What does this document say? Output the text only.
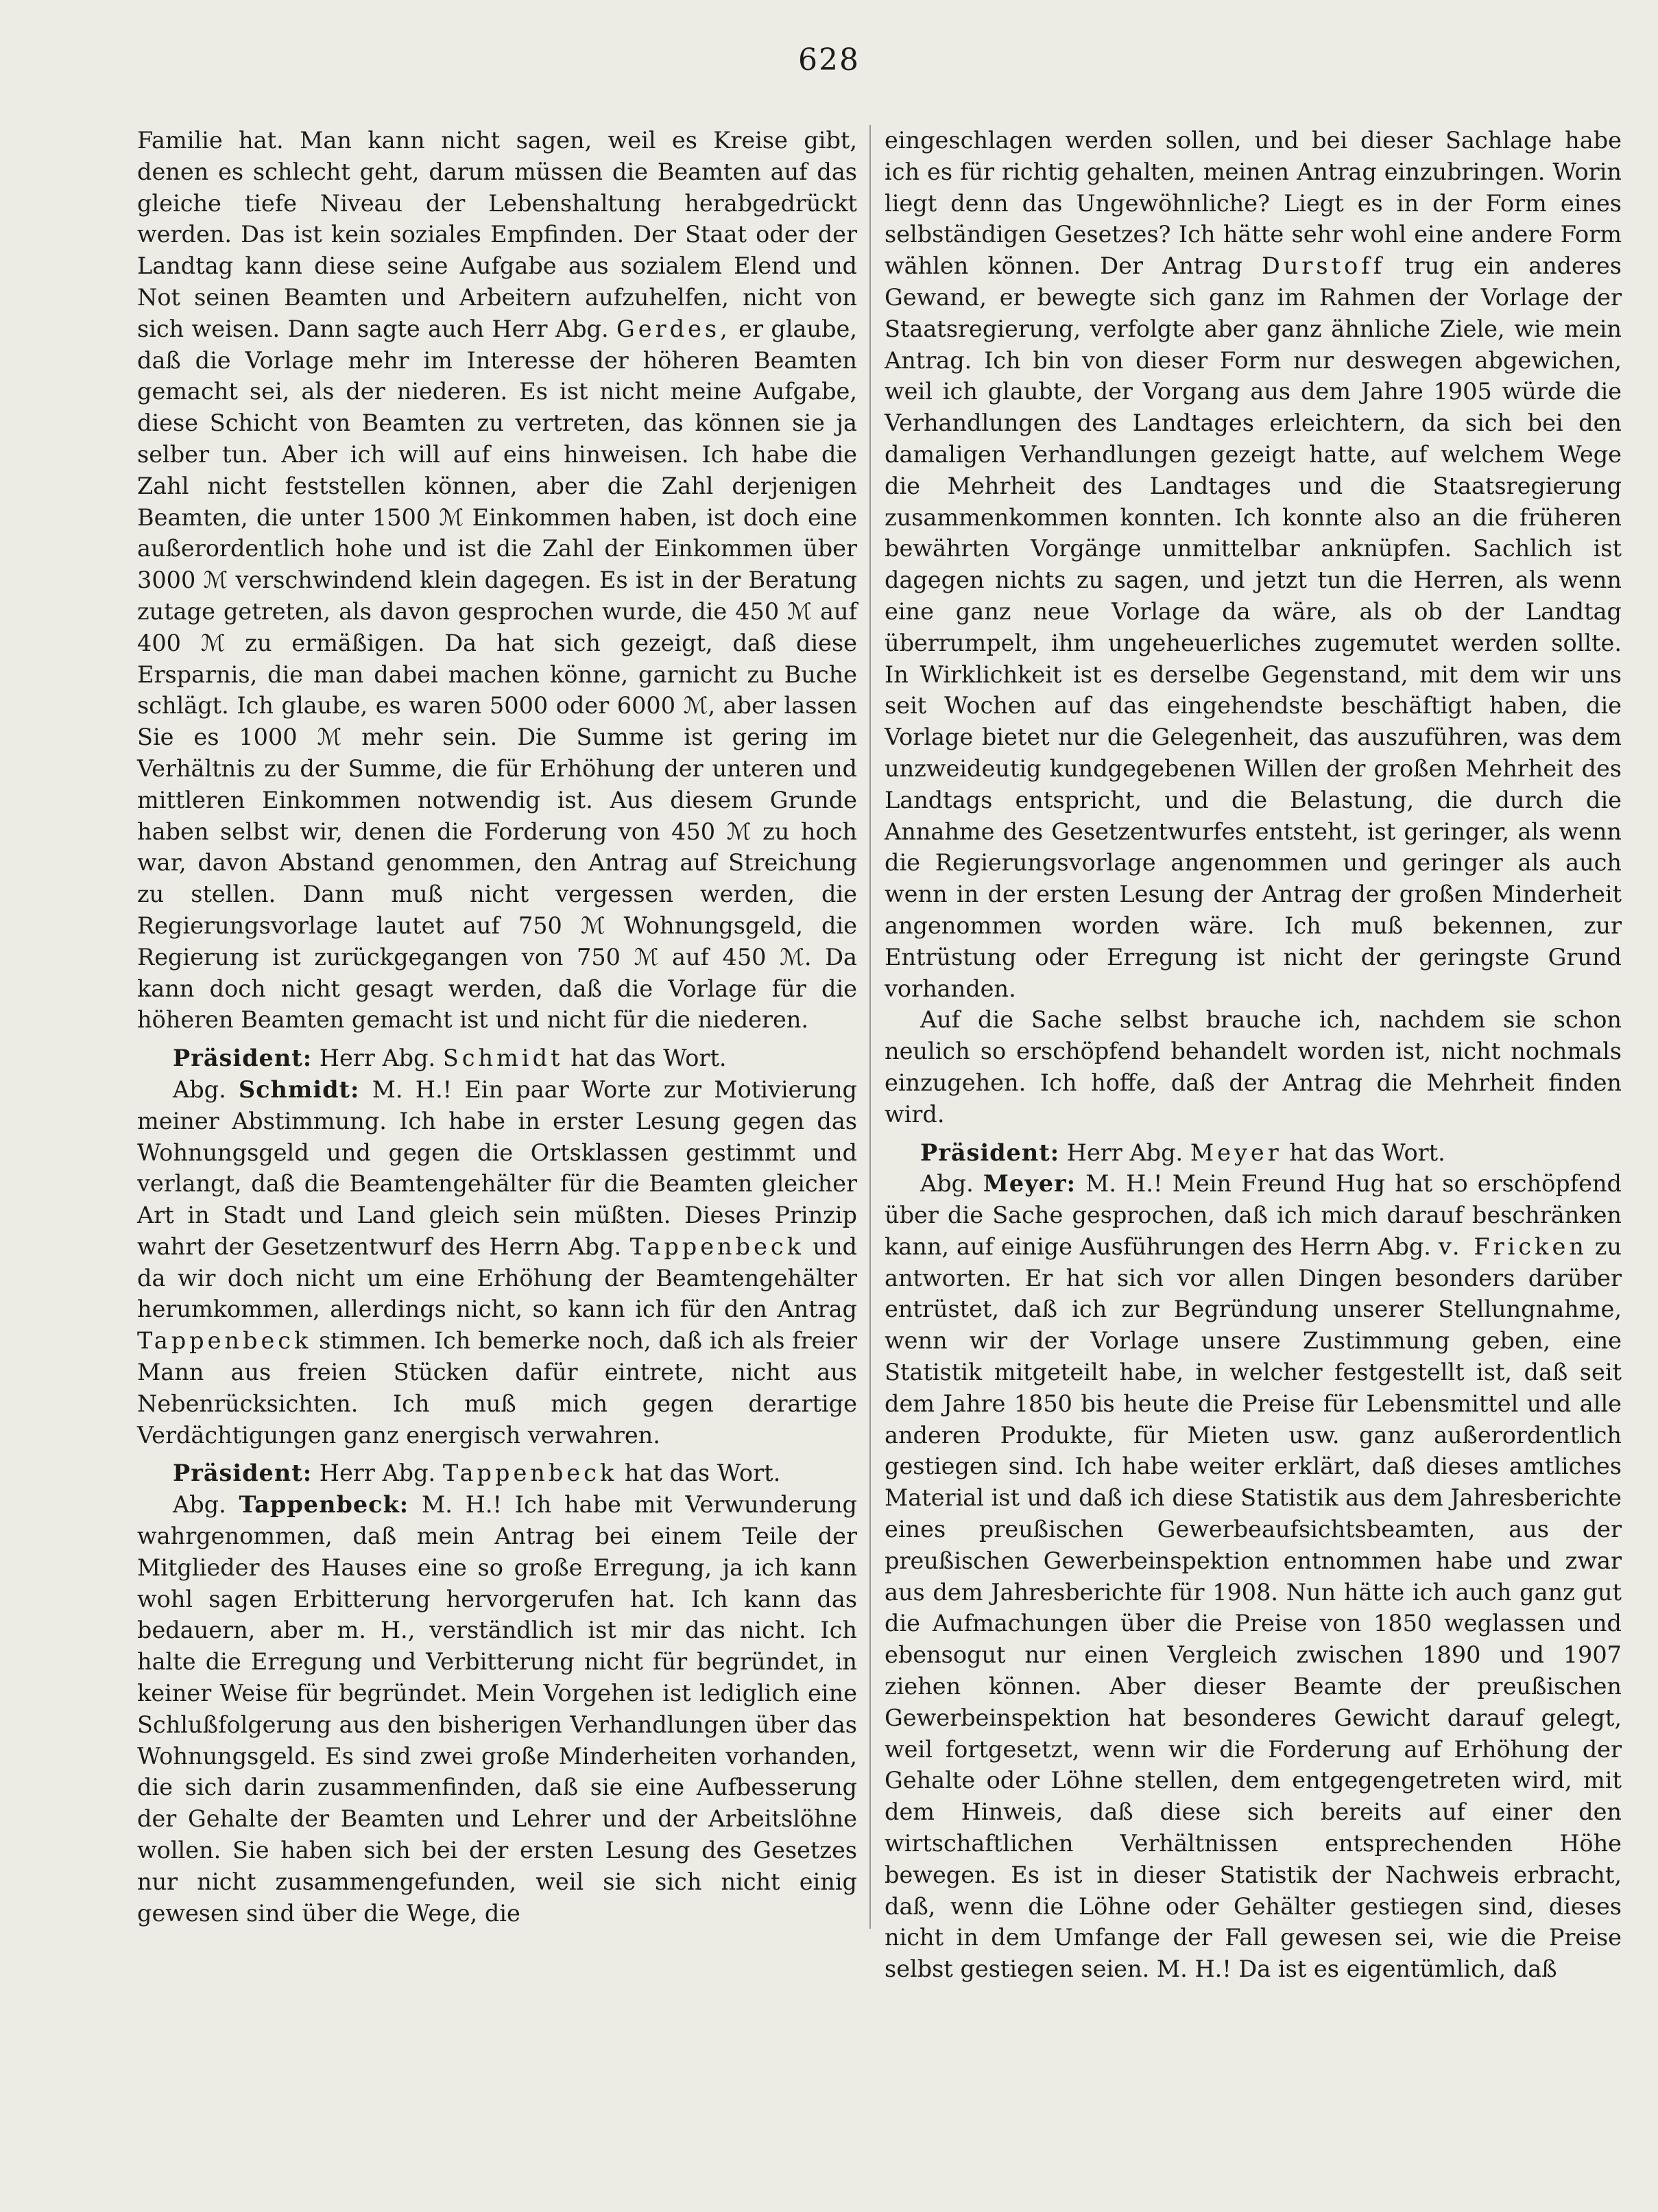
628

Familie hat. Man kann nicht sagen, weil es Kreise gibt, denen es schlecht geht, darum müssen die Beamten auf das gleiche tiefe Niveau der Lebenshaltung herabgedrückt werden. Das ist kein soziales Empfinden. Der Staat oder der Landtag kann diese seine Aufgabe aus sozialem Elend und Not seinen Beamten und Arbeitern aufzuhelfen, nicht von sich weisen. Dann sagte auch Herr Abg. Gerdes, er glaube, daß die Vorlage mehr im Interesse der höheren Beamten gemacht sei, als der niederen. Es ist nicht meine Aufgabe, diese Schicht von Beamten zu vertreten, das können sie ja selber tun. Aber ich will auf eins hinweisen. Ich habe die Zahl nicht feststellen können, aber die Zahl derjenigen Beamten, die unter 1500 ℳ Einkommen haben, ist doch eine außerordentlich hohe und ist die Zahl der Einkommen über 3000 ℳ verschwindend klein dagegen. Es ist in der Beratung zutage getreten, als davon gesprochen wurde, die 450 ℳ auf 400 ℳ zu ermäßigen. Da hat sich gezeigt, daß diese Ersparnis, die man dabei machen könne, garnicht zu Buche schlägt. Ich glaube, es waren 5000 oder 6000 ℳ, aber lassen Sie es 1000 ℳ mehr sein. Die Summe ist gering im Verhältnis zu der Summe, die für Erhöhung der unteren und mittleren Einkommen notwendig ist. Aus diesem Grunde haben selbst wir, denen die Forderung von 450 ℳ zu hoch war, davon Abstand genommen, den Antrag auf Streichung zu stellen. Dann muß nicht vergessen werden, die Regierungsvorlage lautet auf 750 ℳ Wohnungsgeld, die Regierung ist zurückgegangen von 750 ℳ auf 450 ℳ. Da kann doch nicht gesagt werden, daß die Vorlage für die höheren Beamten gemacht ist und nicht für die niederen.

Präsident: Herr Abg. Schmidt hat das Wort.

Abg. Schmidt: M. H.! Ein paar Worte zur Motivierung meiner Abstimmung. Ich habe in erster Lesung gegen das Wohnungsgeld und gegen die Ortsklassen gestimmt und verlangt, daß die Beamtengehälter für die Beamten gleicher Art in Stadt und Land gleich sein müßten. Dieses Prinzip wahrt der Gesetzentwurf des Herrn Abg. Tappenbeck und da wir doch nicht um eine Erhöhung der Beamtengehälter herumkommen, allerdings nicht, so kann ich für den Antrag Tappenbeck stimmen. Ich bemerke noch, daß ich als freier Mann aus freien Stücken dafür eintrete, nicht aus Nebenrücksichten. Ich muß mich gegen derartige Verdächtigungen ganz energisch verwahren.

Präsident: Herr Abg. Tappenbeck hat das Wort.

Abg. Tappenbeck: M. H.! Ich habe mit Verwunderung wahrgenommen, daß mein Antrag bei einem Teile der Mitglieder des Hauses eine so große Erregung, ja ich kann wohl sagen Erbitterung hervorgerufen hat. Ich kann das bedauern, aber m. H., verständlich ist mir das nicht. Ich halte die Erregung und Verbitterung nicht für begründet, in keiner Weise für begründet. Mein Vorgehen ist lediglich eine Schlußfolgerung aus den bisherigen Verhandlungen über das Wohnungsgeld. Es sind zwei große Minderheiten vorhanden, die sich darin zusammenfinden, daß sie eine Aufbesserung der Gehalte der Beamten und Lehrer und der Arbeitslöhne wollen. Sie haben sich bei der ersten Lesung des Gesetzes nur nicht zusammengefunden, weil sie sich nicht einig gewesen sind über die Wege, die

eingeschlagen werden sollen, und bei dieser Sachlage habe ich es für richtig gehalten, meinen Antrag einzubringen. Worin liegt denn das Ungewöhnliche? Liegt es in der Form eines selbständigen Gesetzes? Ich hätte sehr wohl eine andere Form wählen können. Der Antrag Durstoff trug ein anderes Gewand, er bewegte sich ganz im Rahmen der Vorlage der Staatsregierung, verfolgte aber ganz ähnliche Ziele, wie mein Antrag. Ich bin von dieser Form nur deswegen abgewichen, weil ich glaubte, der Vorgang aus dem Jahre 1905 würde die Verhandlungen des Landtages erleichtern, da sich bei den damaligen Verhandlungen gezeigt hatte, auf welchem Wege die Mehrheit des Landtages und die Staatsregierung zusammenkommen konnten. Ich konnte also an die früheren bewährten Vorgänge unmittelbar anknüpfen. Sachlich ist dagegen nichts zu sagen, und jetzt tun die Herren, als wenn eine ganz neue Vorlage da wäre, als ob der Landtag überrumpelt, ihm ungeheuerliches zugemutet werden sollte. In Wirklichkeit ist es derselbe Gegenstand, mit dem wir uns seit Wochen auf das eingehendste beschäftigt haben, die Vorlage bietet nur die Gelegenheit, das auszuführen, was dem unzweideutig kundgegebenen Willen der großen Mehrheit des Landtags entspricht, und die Belastung, die durch die Annahme des Gesetzentwurfes entsteht, ist geringer, als wenn die Regierungsvorlage angenommen und geringer als auch wenn in der ersten Lesung der Antrag der großen Minderheit angenommen worden wäre. Ich muß bekennen, zur Entrüstung oder Erregung ist nicht der geringste Grund vorhanden.

Auf die Sache selbst brauche ich, nachdem sie schon neulich so erschöpfend behandelt worden ist, nicht nochmals einzugehen. Ich hoffe, daß der Antrag die Mehrheit finden wird.

Präsident: Herr Abg. Meyer hat das Wort.

Abg. Meyer: M. H.! Mein Freund Hug hat so erschöpfend über die Sache gesprochen, daß ich mich darauf beschränken kann, auf einige Ausführungen des Herrn Abg. v. Fricken zu antworten. Er hat sich vor allen Dingen besonders darüber entrüstet, daß ich zur Begründung unserer Stellungnahme, wenn wir der Vorlage unsere Zustimmung geben, eine Statistik mitgeteilt habe, in welcher festgestellt ist, daß seit dem Jahre 1850 bis heute die Preise für Lebensmittel und alle anderen Produkte, für Mieten usw. ganz außerordentlich gestiegen sind. Ich habe weiter erklärt, daß dieses amtliches Material ist und daß ich diese Statistik aus dem Jahresberichte eines preußischen Gewerbeaufsichtsbeamten, aus der preußischen Gewerbeinspektion entnommen habe und zwar aus dem Jahresberichte für 1908. Nun hätte ich auch ganz gut die Aufmachungen über die Preise von 1850 weglassen und ebensogut nur einen Vergleich zwischen 1890 und 1907 ziehen können. Aber dieser Beamte der preußischen Gewerbeinspektion hat besonderes Gewicht darauf gelegt, weil fortgesetzt, wenn wir die Forderung auf Erhöhung der Gehalte oder Löhne stellen, dem entgegengetreten wird, mit dem Hinweis, daß diese sich bereits auf einer den wirtschaftlichen Verhältnissen entsprechenden Höhe bewegen. Es ist in dieser Statistik der Nachweis erbracht, daß, wenn die Löhne oder Gehälter gestiegen sind, dieses nicht in dem Umfange der Fall gewesen sei, wie die Preise selbst gestiegen seien. M. H.! Da ist es eigentümlich, daß
